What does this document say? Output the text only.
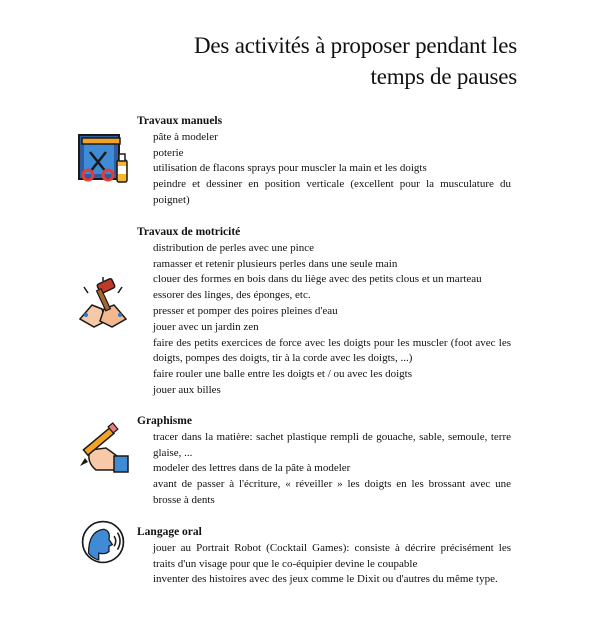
Des activités à proposer pendant les
temps de pauses
Travaux manuels
pâte à modeler
poterie
utilisation de flacons sprays pour muscler la main et les doigts
peindre et dessiner en position verticale (excellent pour la musculature du poignet)
Travaux de motricité
distribution de perles avec une pince
ramasser et retenir plusieurs perles dans une seule main
clouer des formes en bois dans du liège avec des petits clous et un marteau
essorer des linges, des éponges, etc.
presser et pomper des poires pleines d'eau
jouer avec un jardin zen
faire des petits exercices de force avec les doigts pour les muscler (foot avec les doigts, pompes des doigts, tir à la corde avec les doigts, ...)
faire rouler une balle entre les doigts et / ou avec les doigts
jouer aux billes
Graphisme
tracer dans la matière: sachet plastique rempli de gouache, sable, semoule, terre glaise, ...
modeler des lettres dans de la pâte à modeler
avant de passer à l'écriture, « réveiller » les doigts en les brossant avec une brosse à dents
Langage oral
jouer au Portrait Robot (Cocktail Games): consiste à décrire précisément les traits d'un visage pour que le co-équipier devine le coupable
inventer des histoires avec des jeux comme le Dixit ou d'autres du même type.
